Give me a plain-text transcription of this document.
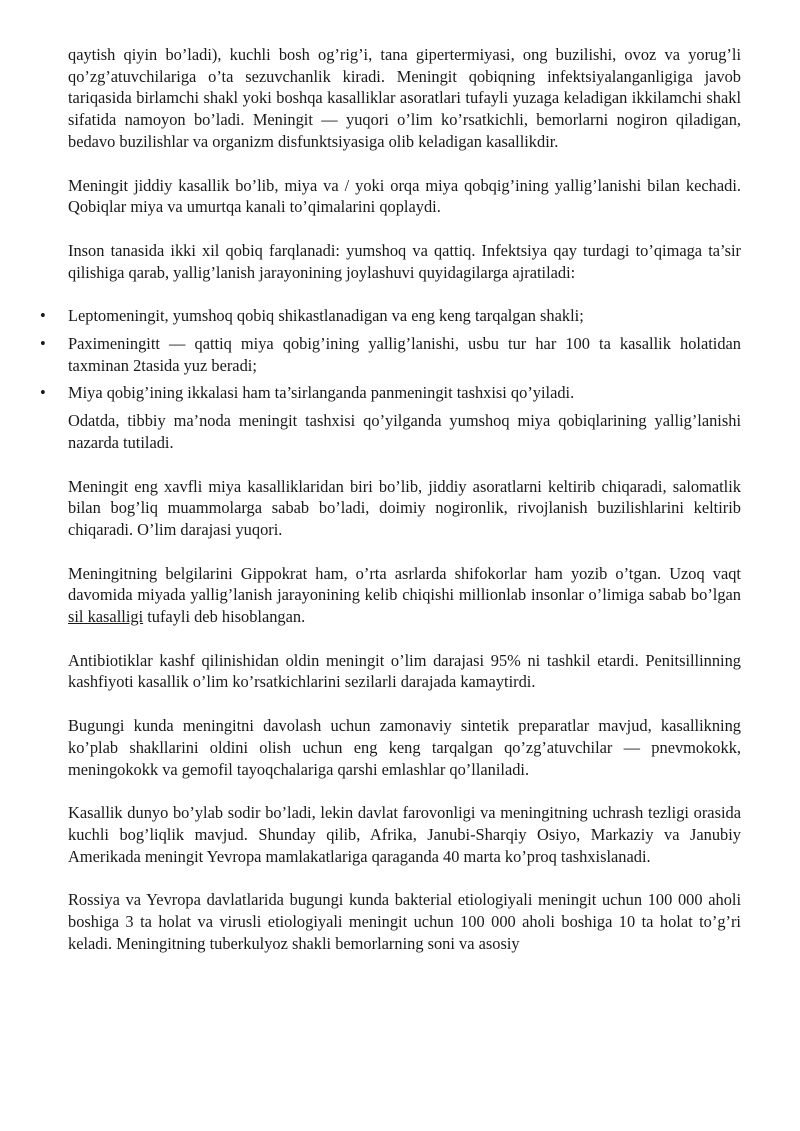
qaytish qiyin bo’ladi), kuchli bosh og’rig’i, tana gipertermiyasi, ong buzilishi, ovoz va yorug’li qo’zg’atuvchilariga o’ta sezuvchanlik kiradi. Meningit qobiqning infektsiyalanganligiga javob tariqasida birlamchi shakl yoki boshqa kasalliklar asoratlari tufayli yuzaga keladigan ikkilamchi shakl sifatida namoyon bo’ladi. Meningit — yuqori o’lim ko’rsatkichli, bemorlarni nogiron qiladigan, bedavo buzilishlar va organizm disfunktsiyasiga olib keladigan kasallikdir.

Meningit jiddiy kasallik bo’lib, miya va / yoki orqa miya qobqig’ining yallig’lanishi bilan kechadi. Qobiqlar miya va umurtqa kanali to’qimalarini qoplaydi.

Inson tanasida ikki xil qobiq farqlanadi: yumshoq va qattiq. Infektsiya qay turdagi to’qimaga ta’sir qilishiga qarab, yallig’lanish jarayonining joylashuvi quyidagilarga ajratiladi:

• Leptomeningit, yumshoq qobiq shikastlanadigan va eng keng tarqalgan shakli;
• Paximeningitt — qattiq miya qobig’ining yallig’lanishi, usbu tur har 100 ta kasallik holatidan taxminan 2tasida yuz beradi;
• Miya qobig’ining ikkalasi ham ta’sirlanganda panmeningit tashxisi qo’yiladi.

Odatda, tibbiy ma’noda meningit tashxisi qo’yilganda yumshoq miya qobiqlarining yallig’lanishi nazarda tutiladi.

Meningit eng xavfli miya kasalliklaridan biri bo’lib, jiddiy asoratlarni keltirib chiqaradi, salomatlik bilan bog’liq muammolarga sabab bo’ladi, doimiy nogironlik, rivojlanish buzilishlarini keltirib chiqaradi. O’lim darajasi yuqori.

Meningitning belgilarini Gippokrat ham, o’rta asrlarda shifokorlar ham yozib o’tgan. Uzoq vaqt davomida miyada yallig’lanish jarayonining kelib chiqishi millionlab insonlar o’limiga sabab bo’lgan sil kasalligi tufayli deb hisoblangan.

Antibiotiklar kashf qilinishidan oldin meningit o’lim darajasi 95% ni tashkil etardi. Penitsillinning kashfiyoti kasallik o’lim ko’rsatkichlarini sezilarli darajada kamaytirdi.

Bugungi kunda meningitni davolash uchun zamonaviy sintetik preparatlar mavjud, kasallikning ko’plab shakllarini oldini olish uchun eng keng tarqalgan qo’zg’atuvchilar — pnevmokokk, meningokokk va gemofil tayoqchalariga qarshi emlashlar qo’llaniladi.

Kasallik dunyo bo’ylab sodir bo’ladi, lekin davlat farovonligi va meningitning uchrash tezligi orasida kuchli bog’liqlik mavjud. Shunday qilib, Afrika, Janubi-Sharqiy Osiyo, Markaziy va Janubiy Amerikada meningit Yevropa mamlakatlariga qaraganda 40 marta ko’proq tashxislanadi.

Rossiya va Yevropa davlatlarida bugungi kunda bakterial etiologiyali meningit uchun 100 000 aholi boshiga 3 ta holat va virusli etiologiyali meningit uchun 100 000 aholi boshiga 10 ta holat to’g’ri keladi. Meningitning tuberkulyoz shakli bemorlarning soni va asosiy
